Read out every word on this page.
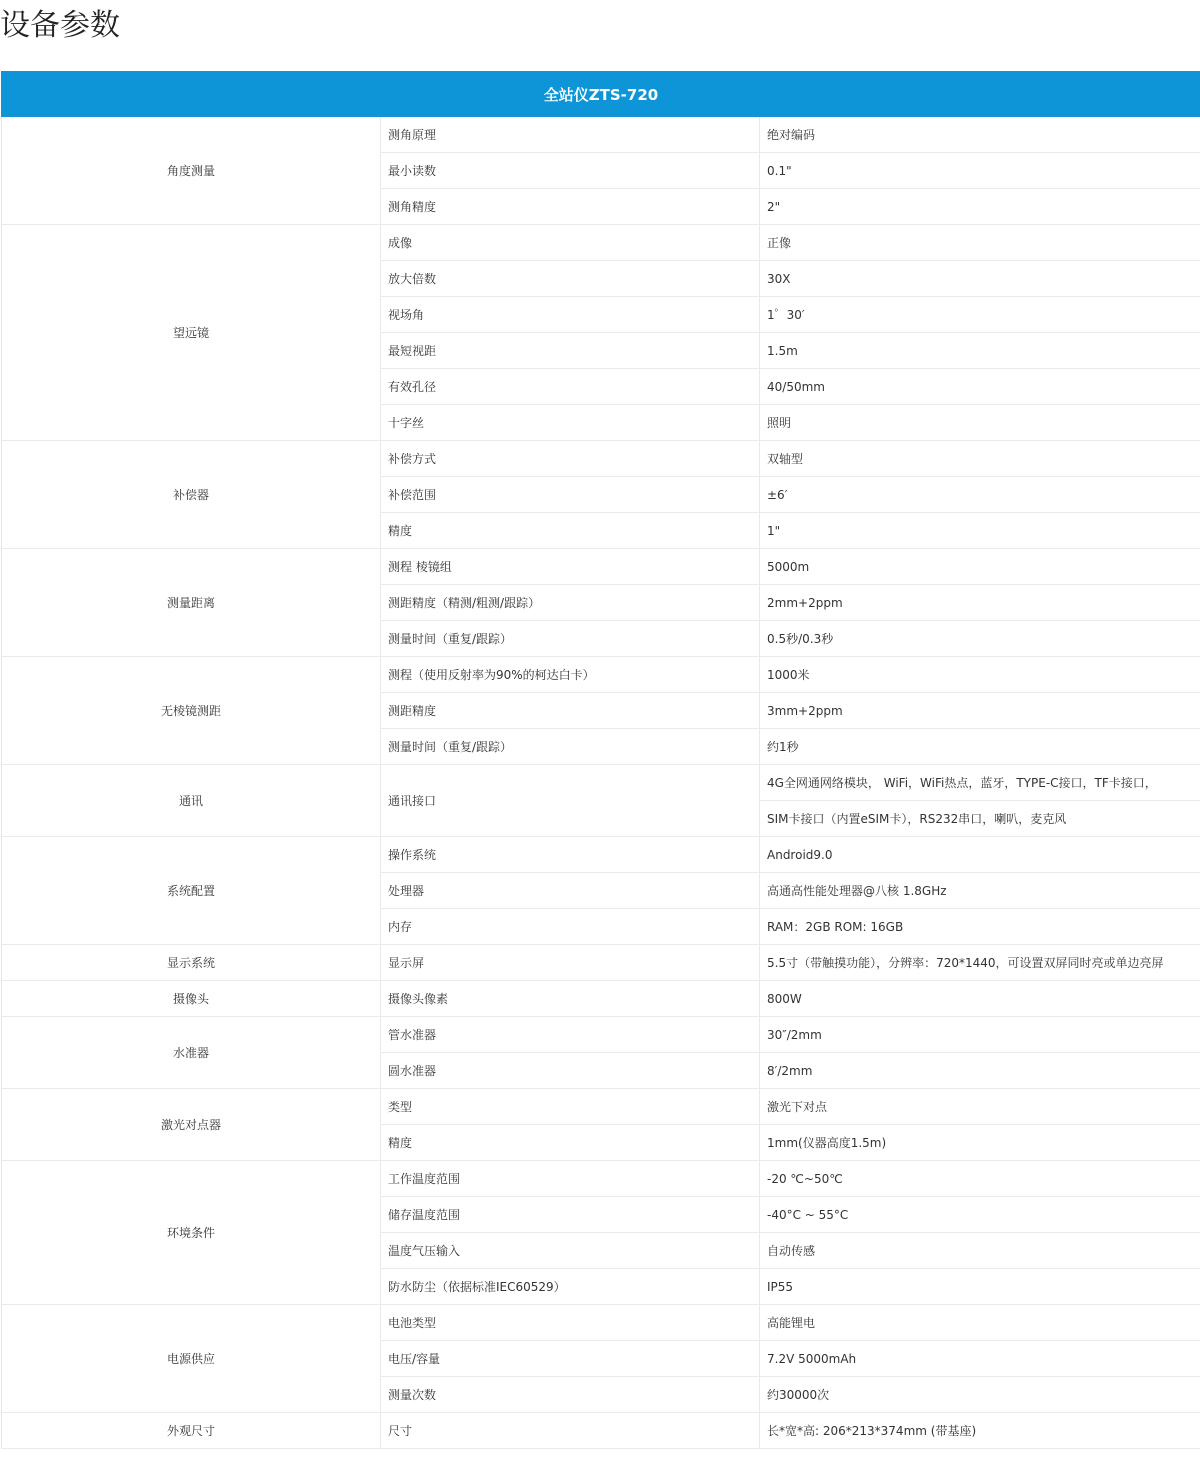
设备参数
全站仪ZTS-720		
角度测量	测角原理	绝对编码
	最小读数	0.1"
	测角精度	2"
望远镜	成像	正像
	放大倍数	30X
	视场角	1゜30′
	最短视距	1.5m
	有效孔径	40/50mm
	十字丝	照明
补偿器	补偿方式	双轴型
	补偿范围	±6′
	精度	1"
测量距离	测程 棱镜组	5000m
	测距精度（精测/粗测/跟踪）	2mm+2ppm
	测量时间（重复/跟踪）	0.5秒/0.3秒
无棱镜测距	测程（使用反射率为90%的柯达白卡）	1000米
	测距精度	3mm+2ppm
	测量时间（重复/跟踪）	约1秒
通讯	通讯接口	4G全网通网络模块， WiFi，WiFi热点，蓝牙，TYPE-C接口，TF卡接口，
		SIM卡接口（内置eSIM卡），RS232串口，喇叭，麦克风
系统配置	操作系统	Android9.0
	处理器	高通高性能处理器@八核 1.8GHz
	内存	RAM：2GB ROM: 16GB
显示系统	显示屏	5.5寸（带触摸功能），分辨率：720*1440，可设置双屏同时亮或单边亮屏
摄像头	摄像头像素	800W
水准器	管水准器	30″/2mm
	圆水准器	8′/2mm
激光对点器	类型	激光下对点
	精度	1mm(仪器高度1.5m)
环境条件	工作温度范围	-20 ℃~50℃
	储存温度范围	-40°C ~ 55°C
	温度气压输入	自动传感
	防水防尘（依据标准IEC60529）	IP55
电源供应	电池类型	高能锂电
	电压/容量	7.2V 5000mAh
	测量次数	约30000次
外观尺寸	尺寸	长*宽*高: 206*213*374mm (带基座)
